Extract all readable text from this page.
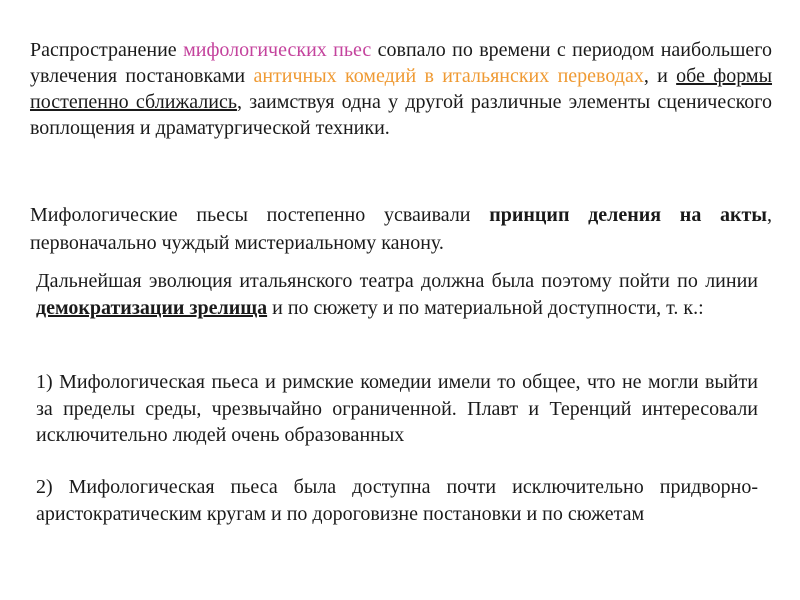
Распространение мифологических пьес совпало по времени с периодом наибольшего увлечения постановками античных комедий в итальянских переводах, и обе формы постепенно сближались, заимствуя одна у другой различные элементы сценического воплощения и драматургической техники.

Мифологические пьесы постепенно усваивали принцип деления на акты, первоначально чуждый мистериальному канону.

Дальнейшая эволюция итальянского театра должна была поэтому пойти по линии демократизации зрелища и по сюжету и по материальной доступности, т. к.:

1) Мифологическая пьеса и римские комедии имели то общее, что не могли выйти за пределы среды, чрезвычайно ограниченной. Плавт и Теренций интересовали исключительно людей очень образованных

2) Мифологическая пьеса была доступна почти исключительно придворно-аристократическим кругам и по дороговизне постановки и по сюжетам
